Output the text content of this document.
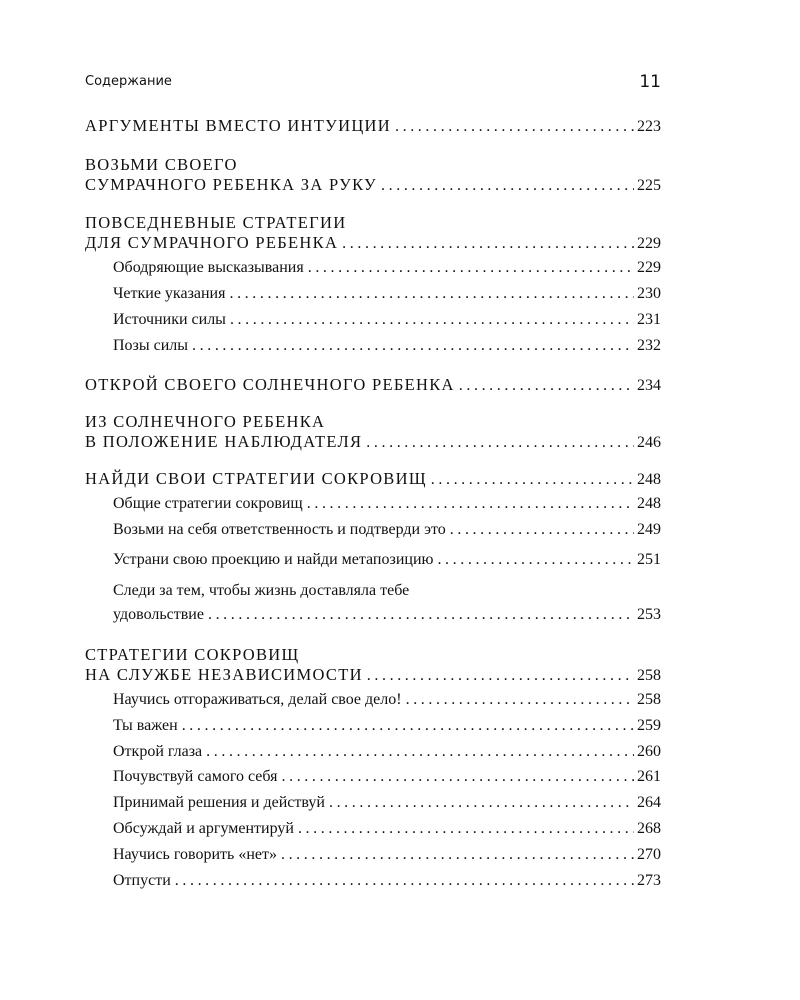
Содержание	11
АРГУМЕНТЫ ВМЕСТО ИНТУИЦИИ .....	223
ВОЗЬМИ СВОЕГО
СУМРАЧНОГО РЕБЕНКА ЗА РУКУ .....	225
ПОВСЕДНЕВНЫЕ СТРАТЕГИИ
ДЛЯ СУМРАЧНОГО РЕБЕНКА .....	229
Ободряющие высказывания .....	229
Четкие указания .....	230
Источники силы .....	231
Позы силы .....	232
ОТКРОЙ СВОЕГО СОЛНЕЧНОГО РЕБЕНКА .....	234
ИЗ СОЛНЕЧНОГО РЕБЕНКА
В ПОЛОЖЕНИЕ НАБЛЮДАТЕЛЯ .....	246
НАЙДИ СВОИ СТРАТЕГИИ СОКРОВИЩ .....	248
Общие стратегии сокровищ .....	248
Возьми на себя ответственность и подтверди это .....	249
Устрани свою проекцию и найди метапозицию .....	251
Следи за тем, чтобы жизнь доставляла тебе
удовольствие .....	253
СТРАТЕГИИ СОКРОВИЩ
НА СЛУЖБЕ НЕЗАВИСИМОСТИ .....	258
Научись отгораживаться, делай свое дело! .....	258
Ты важен .....	259
Открой глаза .....	260
Почувствуй самого себя .....	261
Принимай решения и действуй .....	264
Обсуждай и аргументируй .....	268
Научись говорить «нет» .....	270
Отпусти .....	273
